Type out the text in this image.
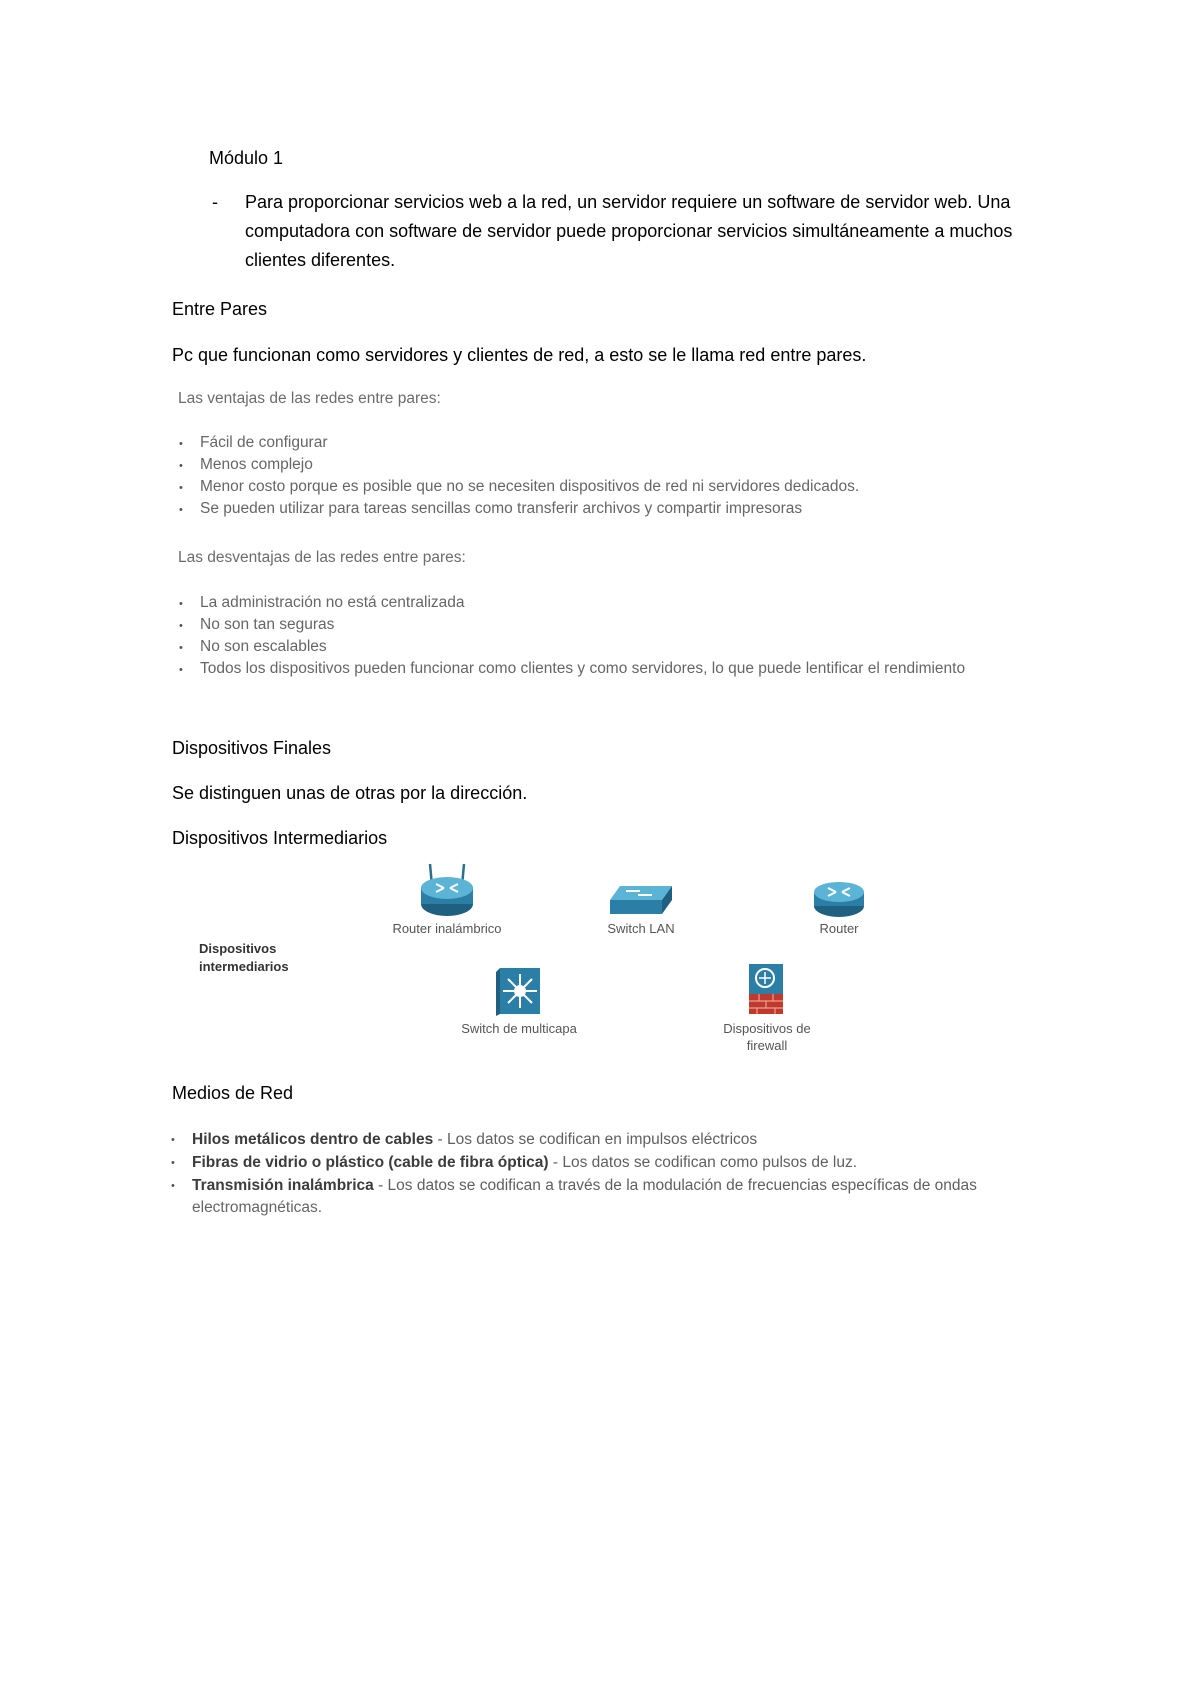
Módulo 1
- Para proporcionar servicios web a la red, un servidor requiere un software de servidor web. Una computadora con software de servidor puede proporcionar servicios simultáneamente a muchos clientes diferentes.
Entre Pares
Pc que funcionan como servidores y clientes de red, a esto se le llama red entre pares.
Las ventajas de las redes entre pares:
• Fácil de configurar
• Menos complejo
• Menor costo porque es posible que no se necesiten dispositivos de red ni servidores dedicados.
• Se pueden utilizar para tareas sencillas como transferir archivos y compartir impresoras
Las desventajas de las redes entre pares:
• La administración no está centralizada
• No son tan seguras
• No son escalables
• Todos los dispositivos pueden funcionar como clientes y como servidores, lo que puede lentificar el rendimiento
Dispositivos Finales
Se distinguen unas de otras por la dirección.
Dispositivos Intermediarios
Dispositivos
intermediarios
Router inalámbrico	Switch LAN	Router
Switch de multicapa	Dispositivos de
firewall
Medios de Red
• Hilos metálicos dentro de cables - Los datos se codifican en impulsos eléctricos
• Fibras de vidrio o plástico (cable de fibra óptica) - Los datos se codifican como pulsos de luz.
• Transmisión inalámbrica - Los datos se codifican a través de la modulación de frecuencias específicas de ondas
electromagnéticas.
